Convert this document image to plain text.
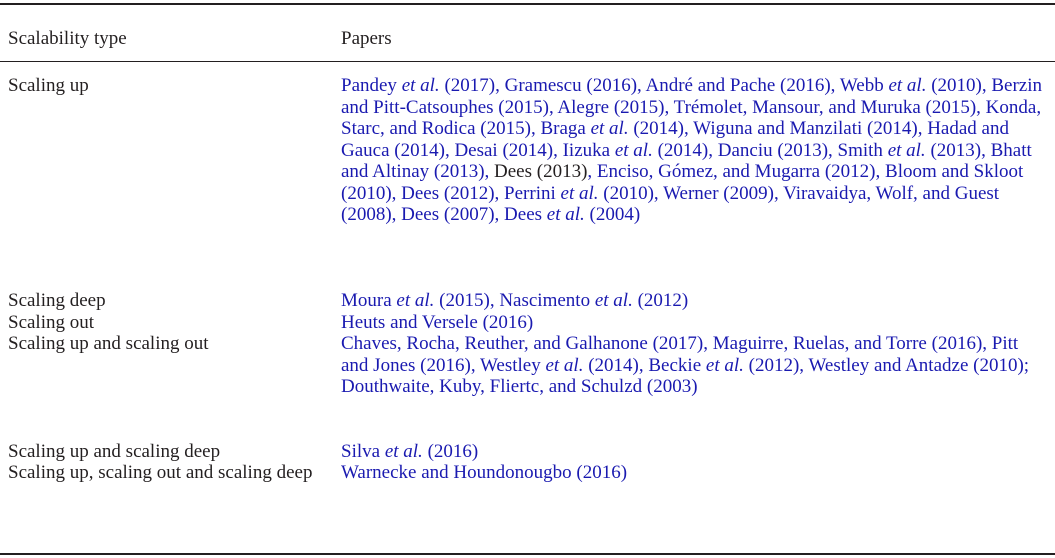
Scalability type	Papers
Scaling up	Pandey et al. (2017), Gramescu (2016), André and Pache (2016), Webb et al. (2010), Berzin and Pitt-Catsouphes (2015), Alegre (2015), Trémolet, Mansour, and Muruka (2015), Konda, Starc, and Rodica (2015), Braga et al. (2014), Wiguna and Manzilati (2014), Hadad and Gauca (2014), Desai (2014), Iizuka et al. (2014), Danciu (2013), Smith et al. (2013), Bhatt and Altinay (2013), Dees (2013), Enciso, Gómez, and Mugarra (2012), Bloom and Skloot (2010), Dees (2012), Perrini et al. (2010), Werner (2009), Viravaidya, Wolf, and Guest (2008), Dees (2007), Dees et al. (2004)
Scaling deep	Moura et al. (2015), Nascimento et al. (2012)
Scaling out	Heuts and Versele (2016)
Scaling up and scaling out	Chaves, Rocha, Reuther, and Galhanone (2017), Maguirre, Ruelas, and Torre (2016), Pitt and Jones (2016), Westley et al. (2014), Beckie et al. (2012), Westley and Antadze (2010); Douthwaite, Kuby, Fliertc, and Schulzd (2003)
Scaling up and scaling deep	Silva et al. (2016)
Scaling up, scaling out and scaling deep	Warnecke and Houndonougbo (2016)
